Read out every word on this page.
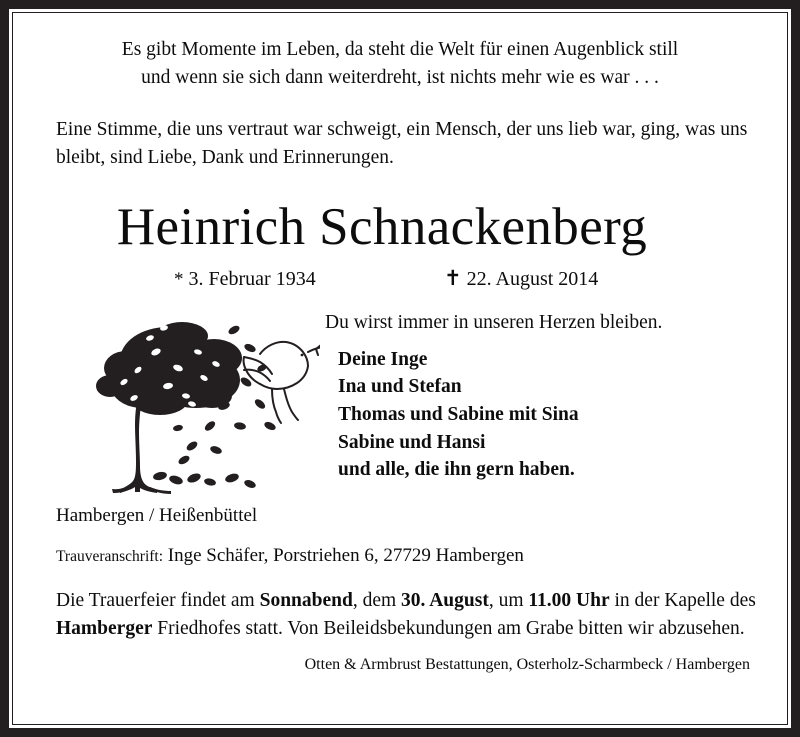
Es gibt Momente im Leben, da steht die Welt für einen Augenblick still
und wenn sie sich dann weiterdreht, ist nichts mehr wie es war . . .

Eine Stimme, die uns vertraut war schweigt, ein Mensch, der uns lieb war, ging, was uns bleibt, sind Liebe, Dank und Erinnerungen.

Heinrich Schnackenberg
* 3. Februar 1934	✝ 22. August 2014

Du wirst immer in unseren Herzen bleiben.

Deine Inge
Ina und Stefan
Thomas und Sabine mit Sina
Sabine und Hansi
und alle, die ihn gern haben.

Hambergen / Heißenbüttel

Trauveranschrift: Inge Schäfer, Porstriehen 6, 27729 Hambergen

Die Trauerfeier findet am Sonnabend, dem 30. August, um 11.00 Uhr in der Kapelle des Hamberger Friedhofes statt. Von Beileidsbekundungen am Grabe bitten wir abzusehen.

Otten & Armbrust Bestattungen, Osterholz-Scharmbeck / Hambergen
